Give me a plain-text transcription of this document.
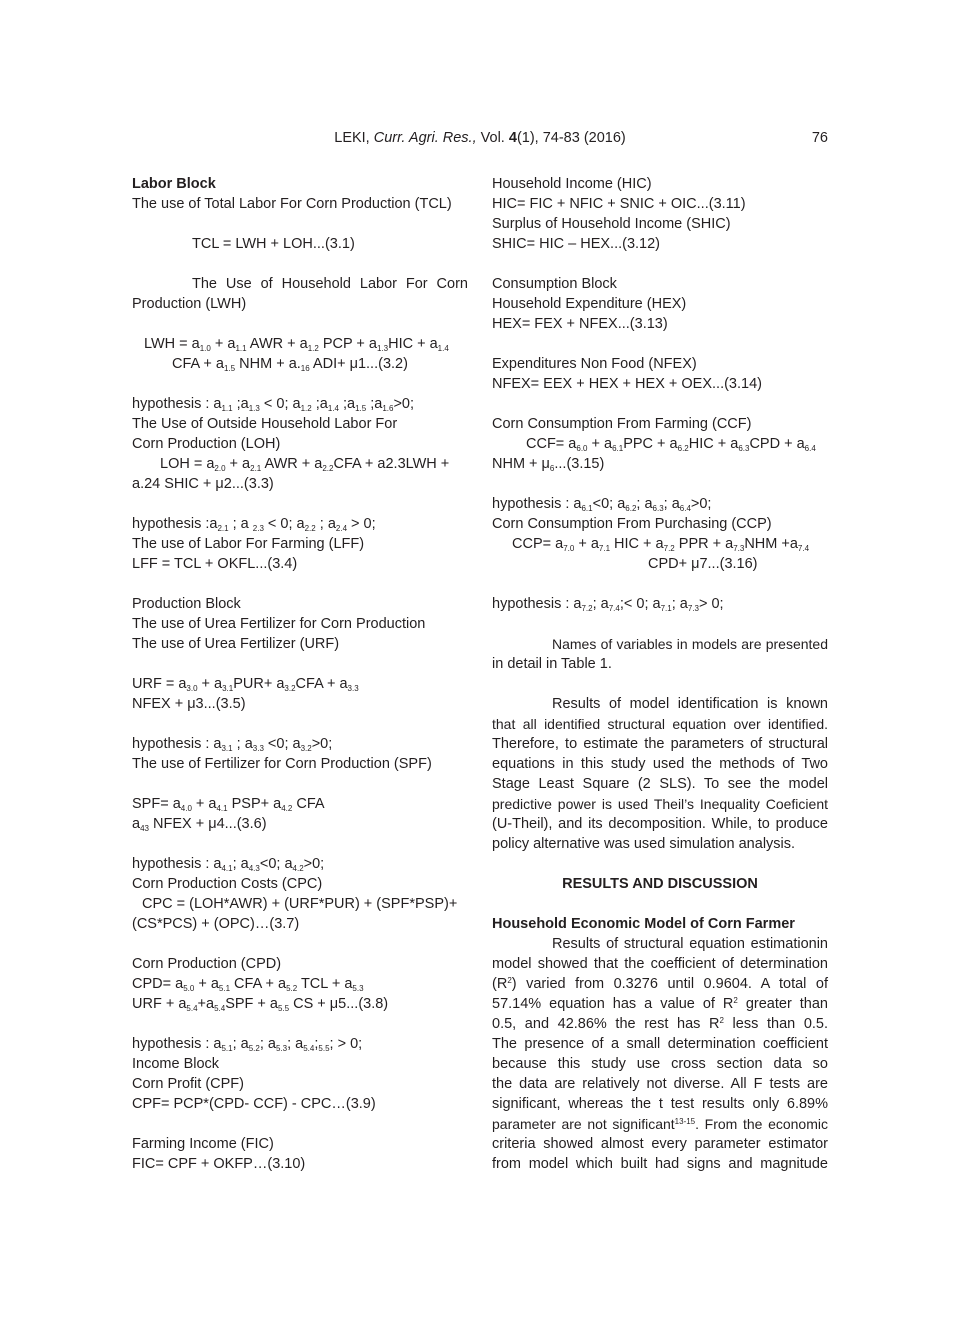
LEKI, Curr. Agri. Res., Vol. 4(1), 74-83 (2016)	76
Labor Block
The use of Total Labor For Corn Production (TCL)
TCL = LWH + LOH...(3.1)
The Use of Household Labor For Corn
Production (LWH)
LWH = $a_{1.0} + a_{1.1}$ AWR + $a_{1.2}$ PCP + $a_{1.3}HIC + a_{1.4}$
CFA + $a_{1.5}$ NHM + $a._{16}$ ADI+ μ1...(3.2)
hypothesis : $a_{1.1}$ $;a_{1.3} < 0$; $a_{1.2}$ $;a_{1.4}$ $;a_{1.5}$ $;a_{1.6}>0$;
The Use of Outside Household Labor For
Corn Production (LOH)
LOH = $a_{2.0} + a_{2.1}$ AWR + $a_{2.2}CFA + a2.3LWH$ +
a.24 SHIC + μ2...(3.3)
hypothesis $:a_{2.1}$ ; a $_{2.3}$ < 0; $a_{2.2}$ ; $a_{2.4} > 0$;
The use of Labor For Farming (LFF)
LFF = TCL + OKFL...(3.4)
Production Block
The use of Urea Fertilizer for Corn Production
The use of Urea Fertilizer (URF)
URF = $a_{3.0} + a_{3.1}PUR+ a_{3.2}CFA + a_{3.3}$
NFEX + μ3...(3.5)
hypothesis : $a_{3.1}$ ; $a_{3.3} <0$; $a_{3.2}>0$;
The use of Fertilizer for Corn Production (SPF)
$SPF= a_{4.0} + a_{4.1}$ $PSP+ a_{4.2}$ CFA
$a_{43}$ NFEX + μ4...(3.6)
hypothesis : $a_{4.1}$; $a_{4.3}<0$; $a_{4.2}>0$;
Corn Production Costs (CPC)
CPC = (LOH*AWR) + (URF*PUR) + (SPF*PSP)+
(CS*PCS) + (OPC)…(3.7)
Corn Production (CPD)
$CPD= a_{5.0} + a_{5.1}$ CFA + $a_{5.2}$ TCL + $a_{5.3}$
URF + $a_{5.4}+a_{5.4}SPF + a_{5.5}$ CS + μ5...(3.8)
hypothesis : $a_{5.1}$; $a_{5.2}$; $a_{5.3}$; $a_{5.4};_{5.5}$; > 0;
Income Block
Corn Profit (CPF)
CPF= PCP*(CPD- CCF) - CPC…(3.9)
Farming Income (FIC)
FIC= CPF + OKFP…(3.10)
Household Income (HIC)
HIC= FIC + NFIC + SNIC + OIC...(3.11)
Surplus of Household Income (SHIC)
SHIC= HIC – HEX...(3.12)
Consumption Block
Household Expenditure (HEX)
HEX= FEX + NFEX...(3.13)
Expenditures Non Food (NFEX)
NFEX= EEX + HEX + HEX + OEX...(3.14)
Corn Consumption From Farming (CCF)
$CCF= a_{6.0} + a_{6.1}PPC + a_{6.2}HIC + a_{6.3}CPD + a_{6.4}$
NHM + $\mu_6...(3.15)$
hypothesis : $a_{6.1}<0$; $a_{6.2}$; $a_{6.3}$; $a_{6.4}>0$;
Corn Consumption From Purchasing (CCP)
$CCP= a_{7.0} + a_{7.1}$ HIC + $a_{7.2}$ PPR + $a_{7.3}NHM +a_{7.4}$
CPD+ μ7...(3.16)
hypothesis : $a_{7.2}$; $a_{7.4};< 0$; $a_{7.1}$; $a_{7.3}> 0$;
Names of variables in models are presented
in detail in Table 1.
Results of model identification is known
that all identified structural equation over identified.
Therefore, to estimate the parameters of structural
equations in this study used the methods of Two
Stage Least Square (2 SLS). To see the model
predictive power is used Theil’s Inequality Coeficient
(U-Theil), and its decomposition. While, to produce
policy alternative was used simulation analysis.
RESULTS AND DISCUSSION
Household Economic Model of Corn Farmer
Results of structural equation estimationin
model showed that the coefficient of determination
$(R^2)$ varied from 0.3276 until 0.9604. A total of
57.14% equation has a value of $R^2$ greater than
0.5, and 42.86% the rest has $R^2$ less than 0.5.
The presence of a small determination coefficient
because this study use cross section data so
the data are relatively not diverse. All F tests are
significant, whereas the t test results only 6.89%
parameter are not significant$^{13-15}$. From the economic
criteria showed almost every parameter estimator
from model which built had signs and magnitude
